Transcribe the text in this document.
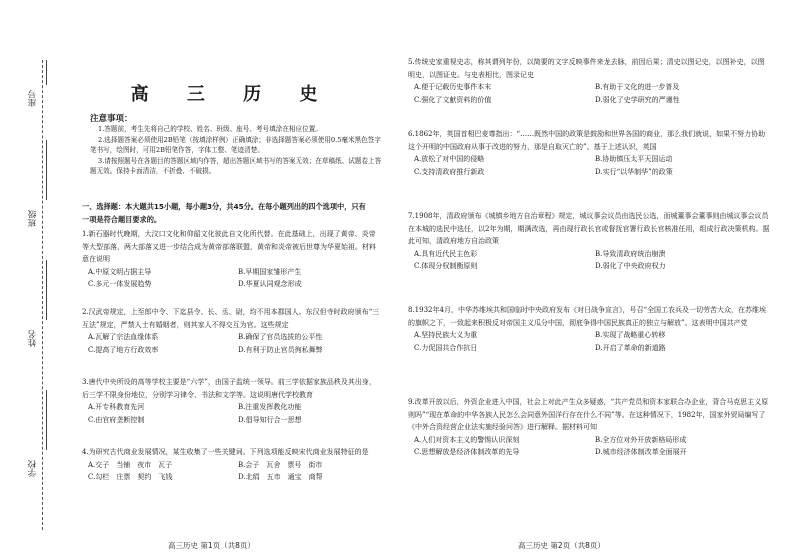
学校
姓名
班级
座号	高 三 历 史
注意事项：

1.答题前，考生先将自己的学校、姓名、班级、座号、考号填涂在相应位置。

2.选择题答案必须使用2B铅笔（按填涂样例）正确填涂；非选择题答案必须使用0.5毫米黑色签字笔书写，绘图时，可用2B铅笔作答，字体工整、笔迹清楚。

3.请按照题号在各题目的答题区域内作答，超出答题区域书写的答案无效；在草稿纸、试题卷上答题无效。保持卡面清洁，不折叠、不破损。

一、选择题：本大题共15小题，每小题3分，共45分。在每小题列出的四个选项中，只有
一项是符合题目要求的。

1.新石器时代晚期，大汶口文化和仰韶文化彼此自文化所代替。在此基础上，出现了黄帝、炎帝等大型部落，两大部落又进一步结合成为黄帝部落联盟，黄帝和炎帝被后世尊为华夏始祖。材料意在说明

A.中原文明占据主导	B.早期国家雏形产生
C.多元一体发展趋势	D.华夏认同观念形成

2.汉武帝规定，上至郎中令、下迄县令、长、丞、尉，均不用本郡国人。东汉但寺时政府颁布“三互法”规定，严禁人士有婚姻者，则其家人不得交互为官。这些规定

A.瓦解了宗法血缘体系	B.确保了官员选拔的公平性
C.提高了地方行政效率	D.有利于防止官员徇私舞弊

3.唐代中央所设的高等学校主要是“六学”，由国子监统一领导。前三学依据家族品秩及其出身，后三学不限身份地位，分别学习律令、书法和文学等。这说明唐代学校教育

A.开专科教育先河	B.注重发挥教化功能
C.由官府垄断控制	D.倡导知行合一思想

4.为研究古代商业发展情况，某生收集了一些关键词。下列选项能反映宋代商业发展特征的是

A.交子　当铺　夜市　瓦子	B.会子　瓦舍　票号　街市
C.勾栏　庄票　契约　飞钱	D.北绢　五市　通宝　商帮
高三历史 第1页（共8页）

5.传统史家重视史志，称其谓列年份，以简要的文字反映事件来龙去脉，前因后果；清史以图记史，以图补史，以图明史，以图证史。与史表相比，图录记史

A.便于记载历史事件本末	B.有助于文化的进一步普及
C.强化了文献资料的价值	D.弱化了史学研究的严谨性

6.1862年，英国首相巴麦尊指出：“……既然中国的政策是鼓励和世界各国的商业，那么我们就说，如果不努力协助这个开明的中国政府从事于改进的努力，那是自取灭亡的”。基于上述认识，英国

A.放松了对中国的侵略	B.协助镇压太平天国运动
C.支持清政府推行新政	D.实行“以华制华”的政策

7.1908年，清政府颁布《城镇乡地方自治章程》规定，城议事会议员由选民公选，而城董事会董事则由城议事会议员在本城的选民中选任，以2年为期，期满改选，再由现行政长官或督抚官署行政长官核准任用，组成行政决策机构。据此可知，清政府地方自治政策

A.具有近代民主色彩	B.导致清政府统治崩溃
C.体现分权制衡原则	D.弱化了中央政府权力

8.1932年4月，中华苏维埃共和国临时中央政府发布《对日战争宣言》，号召“全国工农兵及一切劳苦大众，在苏维埃的旗帜之下，一致起来积极反对帝国主义瓜分中国，彻底争得中国民族真正的独立与解放”。这表明中国共产党

A.坚持民族大义为重	B.实现了战略重心转移
C.力促国共合作抗日	D.开启了革命的新道路

9.改革开放以后，外资企业进入中国，社会上对此产生众多疑惑，“共产党员和资本家联合办企业，背合马克思主义原则吗”“现在革命的中华各族人民怎么会同意外国洋行存在什么不同”等。在这种情况下，1982年，国家外贸局编写了《中外合资经营企业法实施经验问答》进行解释。据材料可知

A.人们对资本主义的警惕认识深刻	B.全方位对外开放新格局形成
C.思想解放是经济体制改革的先导	D.城市经济体制改革全面展开
高三历史 第2页（共8页）
